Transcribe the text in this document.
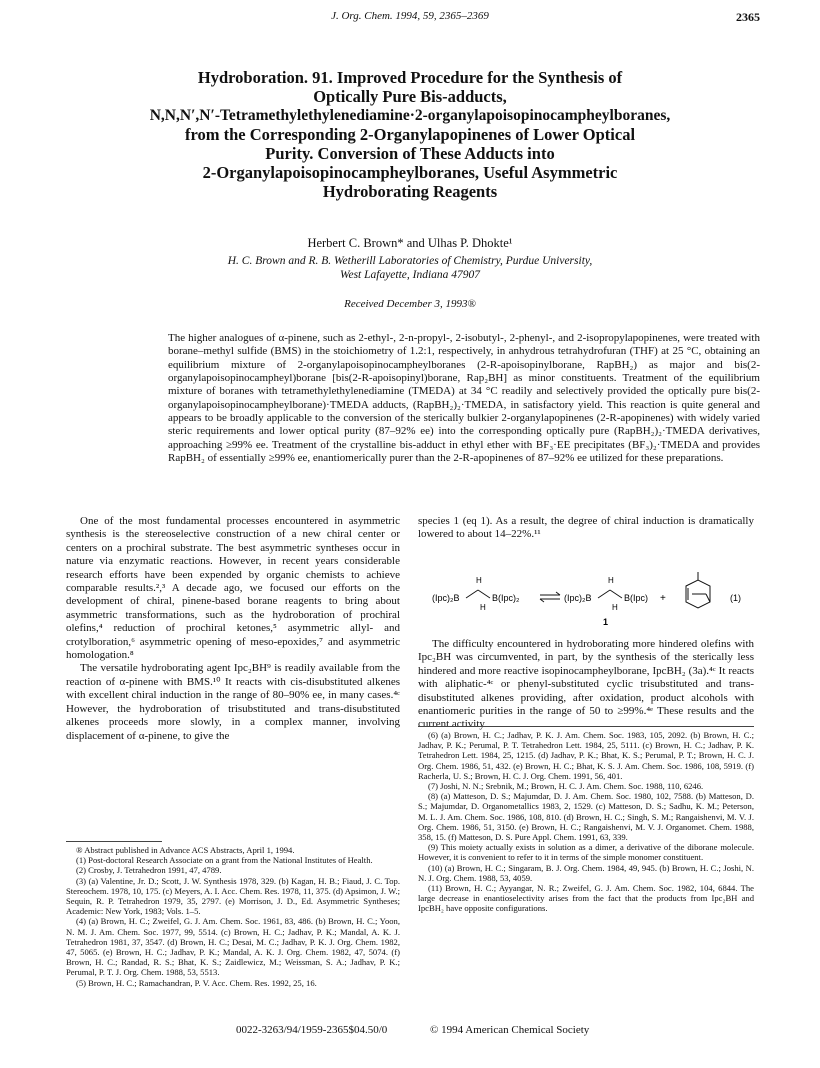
J. Org. Chem. 1994, 59, 2365–2369	2365
Hydroboration. 91. Improved Procedure for the Synthesis of
Optically Pure Bis-adducts,
N,N,N′,N′-Tetramethylethylenediamine·2-organylapoisopinocampheylboranes,
from the Corresponding 2-Organylapopinenes of Lower Optical
Purity. Conversion of These Adducts into
2-Organylapoisopinocampheylboranes, Useful Asymmetric
Hydroborating Reagents
Herbert C. Brown* and Ulhas P. Dhokte¹
H. C. Brown and R. B. Wetherill Laboratories of Chemistry, Purdue University,
West Lafayette, Indiana 47907
Received December 3, 1993®
The higher analogues of α-pinene, such as 2-ethyl-, 2-n-propyl-, 2-isobutyl-, 2-phenyl-, and 2-isopropylapopinenes, were treated with borane–methyl sulfide (BMS) in the stoichiometry of 1.2:1, respectively, in anhydrous tetrahydrofuran (THF) at 25 °C, obtaining an equilibrium mixture of 2-organylapoisopinocampheylboranes (2-R-apoisopinylborane, RapBH₂) as major and bis(2-organylapoisopinocampheyl)borane [bis(2-R-apoisopinyl)borane, Rap₂BH] as minor constituents. Treatment of the equilibrium mixture of boranes with tetramethylethylenediamine (TMEDA) at 34 °C readily and selectively provided the optically pure bis(2-organylapoisopinocampheylborane)·TMEDA adducts, (RapBH₂)₂·TMEDA, in satisfactory yield. This reaction is quite general and appears to be broadly applicable to the conversion of the sterically bulkier 2-organylapopinenes (2-R-apopinenes) with widely varied steric requirements and lower optical purity (87–92% ee) into the corresponding optically pure (RapBH₂)₂·TMEDA derivatives, approaching ≥99% ee. Treatment of the crystalline bis-adduct in ethyl ether with BF₃·EE precipitates (BF₃)₂·TMEDA and provides RapBH₂ of essentially ≥99% ee, enantiomerically purer than the 2-R-apopinenes of 87–92% ee utilized for these preparations.

One of the most fundamental processes encountered in asymmetric synthesis is the stereoselective construction of a new chiral center or centers on a prochiral substrate. The best asymmetric syntheses occur in nature via enzymatic reactions. However, in recent years considerable research efforts have been expended by organic chemists to achieve comparable results.²,³ A decade ago, we focused our efforts on the development of chiral, pinene-based borane reagents to bring about asymmetric transformations, such as the hydroboration of prochiral olefins,⁴ reduction of prochiral ketones,⁵ asymmetric allyl- and crotylboration,⁶ asymmetric opening of meso-epoxides,⁷ and asymmetric homologation.⁸

The versatile hydroborating agent Ipc₂BH⁹ is readily available from the reaction of α-pinene with BMS.¹⁰ It reacts with cis-disubstituted alkenes with excellent chiral induction in the range of 80–90% ee, in many cases.⁴ᶜ However, the hydroboration of trisubstituted and trans-disubstituted alkenes proceeds more slowly, in a complex manner, involving displacement of α-pinene, to give the

species 1 (eq 1). As a result, the degree of chiral induction is dramatically lowered to about 14–22%.¹¹

(Ipc)₂B
H
H
B(Ipc)₂	(Ipc)₂B
H
H
B(Ipc)
1
+	(1)

The difficulty encountered in hydroborating more hindered olefins with Ipc₂BH was circumvented, in part, by the synthesis of the sterically less hindered and more reactive isopinocampheylborane, IpcBH₂ (3a).⁴ᶜ It reacts with aliphatic-⁴ᶜ or phenyl-substituted cyclic trisubstituted and trans-disubstituted alkenes providing, after oxidation, product alcohols with enantiomeric purities in the range of 50 to ≥99%.⁴ᵉ These results and the current activity

(6) (a) Brown, H. C.; Jadhav, P. K. J. Am. Chem. Soc. 1983, 105, 2092. (b) Brown, H. C.; Jadhav, P. K.; Perumal, P. T. Tetrahedron Lett. 1984, 25, 5111. (c) Brown, H. C.; Jadhav, P. K. Tetrahedron Lett. 1984, 25, 1215. (d) Jadhav, P. K.; Bhat, K. S.; Perumal, P. T.; Brown, H. C. J. Org. Chem. 1986, 51, 432. (e) Brown, H. C.; Bhat, K. S. J. Am. Chem. Soc. 1986, 108, 5919. (f) Racherla, U. S.; Brown, H. C. J. Org. Chem. 1991, 56, 401.

(7) Joshi, N. N.; Srebnik, M.; Brown, H. C. J. Am. Chem. Soc. 1988, 110, 6246.

(8) (a) Matteson, D. S.; Majumdar, D. J. Am. Chem. Soc. 1980, 102, 7588. (b) Matteson, D. S.; Majumdar, D. Organometallics 1983, 2, 1529. (c) Matteson, D. S.; Sadhu, K. M.; Peterson, M. L. J. Am. Chem. Soc. 1986, 108, 810. (d) Brown, H. C.; Singh, S. M.; Rangaishenvi, M. V. J. Org. Chem. 1986, 51, 3150. (e) Brown, H. C.; Rangaishenvi, M. V. J. Organomet. Chem. 1988, 358, 15. (f) Matteson, D. S. Pure Appl. Chem. 1991, 63, 339.

(9) This moiety actually exists in solution as a dimer, a derivative of the diborane molecule. However, it is convenient to refer to it in terms of the simple monomer constituent.

(10) (a) Brown, H. C.; Singaram, B. J. Org. Chem. 1984, 49, 945. (b) Brown, H. C.; Joshi, N. N. J. Org. Chem. 1988, 53, 4059.

(11) Brown, H. C.; Ayyangar, N. R.; Zweifel, G. J. Am. Chem. Soc. 1982, 104, 6844. The large decrease in enantioselectivity arises from the fact that the products from Ipc₂BH and IpcBH₂ have opposite configurations.

® Abstract published in Advance ACS Abstracts, April 1, 1994.

(1) Post-doctoral Research Associate on a grant from the National Institutes of Health.

(2) Crosby, J. Tetrahedron 1991, 47, 4789.

(3) (a) Valentine, Jr. D.; Scott, J. W. Synthesis 1978, 329. (b) Kagan, H. B.; Fiaud, J. C. Top. Stereochem. 1978, 10, 175. (c) Meyers, A. I. Acc. Chem. Res. 1978, 11, 375. (d) Apsimon, J. W.; Sequin, R. P. Tetrahedron 1979, 35, 2797. (e) Morrison, J. D., Ed. Asymmetric Syntheses; Academic: New York, 1983; Vols. 1–5.

(4) (a) Brown, H. C.; Zweifel, G. J. Am. Chem. Soc. 1961, 83, 486. (b) Brown, H. C.; Yoon, N. M. J. Am. Chem. Soc. 1977, 99, 5514. (c) Brown, H. C.; Jadhav, P. K.; Mandal, A. K. J. Tetrahedron 1981, 37, 3547. (d) Brown, H. C.; Desai, M. C.; Jadhav, P. K. J. Org. Chem. 1982, 47, 5065. (e) Brown, H. C.; Jadhav, P. K.; Mandal, A. K. J. Org. Chem. 1982, 47, 5074. (f) Brown, H. C.; Randad, R. S.; Bhat, K. S.; Zaidlewicz, M.; Weissman, S. A.; Jadhav, P. K.; Perumal, P. T. J. Org. Chem. 1988, 53, 5513.

(5) Brown, H. C.; Ramachandran, P. V. Acc. Chem. Res. 1992, 25, 16.

0022-3263/94/1959-2365$04.50/0	© 1994 American Chemical Society
